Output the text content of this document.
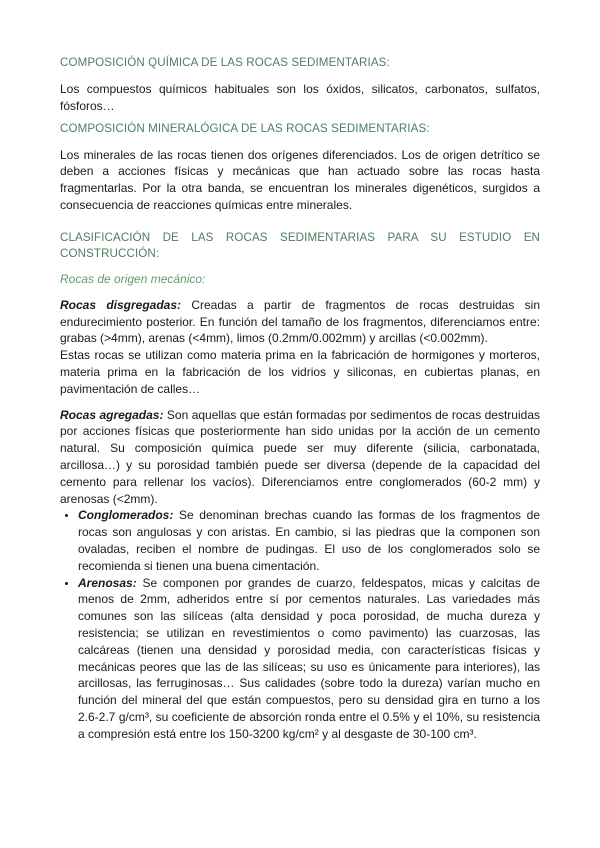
COMPOSICIÓN QUÍMICA DE LAS ROCAS SEDIMENTARIAS:

Los compuestos químicos habituales son los óxidos, silicatos, carbonatos, sulfatos, fósforos…

COMPOSICIÓN MINERALÓGICA DE LAS ROCAS SEDIMENTARIAS:

Los minerales de las rocas tienen dos orígenes diferenciados. Los de origen detrítico se deben a acciones físicas y mecánicas que han actuado sobre las rocas hasta fragmentarlas. Por la otra banda, se encuentran los minerales digenéticos, surgidos a consecuencia de reacciones químicas entre minerales.

CLASIFICACIÓN DE LAS ROCAS SEDIMENTARIAS PARA SU ESTUDIO EN CONSTRUCCIÓN:

Rocas de origen mecánico:

Rocas disgregadas: Creadas a partir de fragmentos de rocas destruidas sin endurecimiento posterior. En función del tamaño de los fragmentos, diferenciamos entre: grabas (>4mm), arenas (<4mm), limos (0.2mm/0.002mm) y arcillas (<0.002mm).

Estas rocas se utilizan como materia prima en la fabricación de hormigones y morteros, materia prima en la fabricación de los vidrios y siliconas, en cubiertas planas, en pavimentación de calles…

Rocas agregadas: Son aquellas que están formadas por sedimentos de rocas destruidas por acciones físicas que posteriormente han sido unidas por la acción de un cemento natural. Su composición química puede ser muy diferente (silicia, carbonatada, arcillosa…) y su porosidad también puede ser diversa (depende de la capacidad del cemento para rellenar los vacíos). Diferenciamos entre conglomerados (60-2 mm) y arenosas (<2mm).

• Conglomerados: Se denominan brechas cuando las formas de los fragmentos de rocas son angulosas y con aristas. En cambio, si las piedras que la componen son ovaladas, reciben el nombre de pudingas. El uso de los conglomerados solo se recomienda si tienen una buena cimentación.
• Arenosas: Se componen por grandes de cuarzo, feldespatos, micas y calcitas de menos de 2mm, adheridos entre sí por cementos naturales. Las variedades más comunes son las silíceas (alta densidad y poca porosidad, de mucha dureza y resistencia; se utilizan en revestimientos o como pavimento) las cuarzosas, las calcáreas (tienen una densidad y porosidad media, con características físicas y mecánicas peores que las de las silíceas; su uso es únicamente para interiores), las arcillosas, las ferruginosas… Sus calidades (sobre todo la dureza) varían mucho en función del mineral del que están compuestos, pero su densidad gira en turno a los 2.6-2.7 g/cm³, su coeficiente de absorción ronda entre el 0.5% y el 10%, su resistencia a compresión está entre los 150-3200 kg/cm² y al desgaste de 30-100 cm³.
